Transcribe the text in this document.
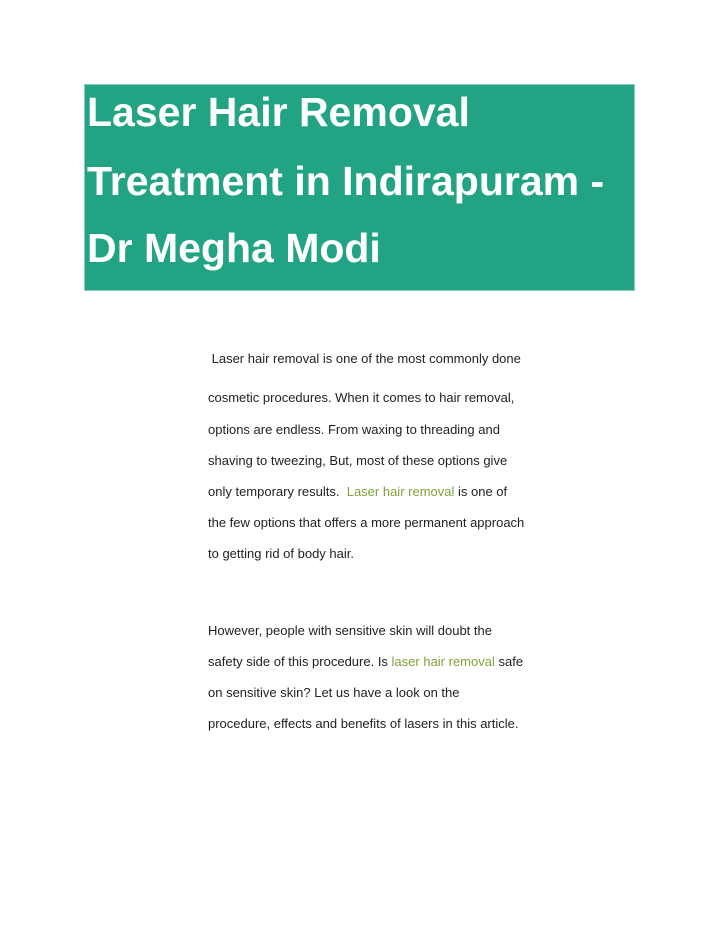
Laser Hair Removal
Treatment in Indirapuram -
Dr Megha Modi

Laser hair removal is one of the most commonly done

cosmetic procedures. When it comes to hair removal,

options are endless. From waxing to threading and

shaving to tweezing, But, most of these options give

only temporary results.  Laser hair removal is one of

the few options that offers a more permanent approach

to getting rid of body hair.

However, people with sensitive skin will doubt the

safety side of this procedure. Is laser hair removal safe

on sensitive skin? Let us have a look on the

procedure, effects and benefits of lasers in this article.
